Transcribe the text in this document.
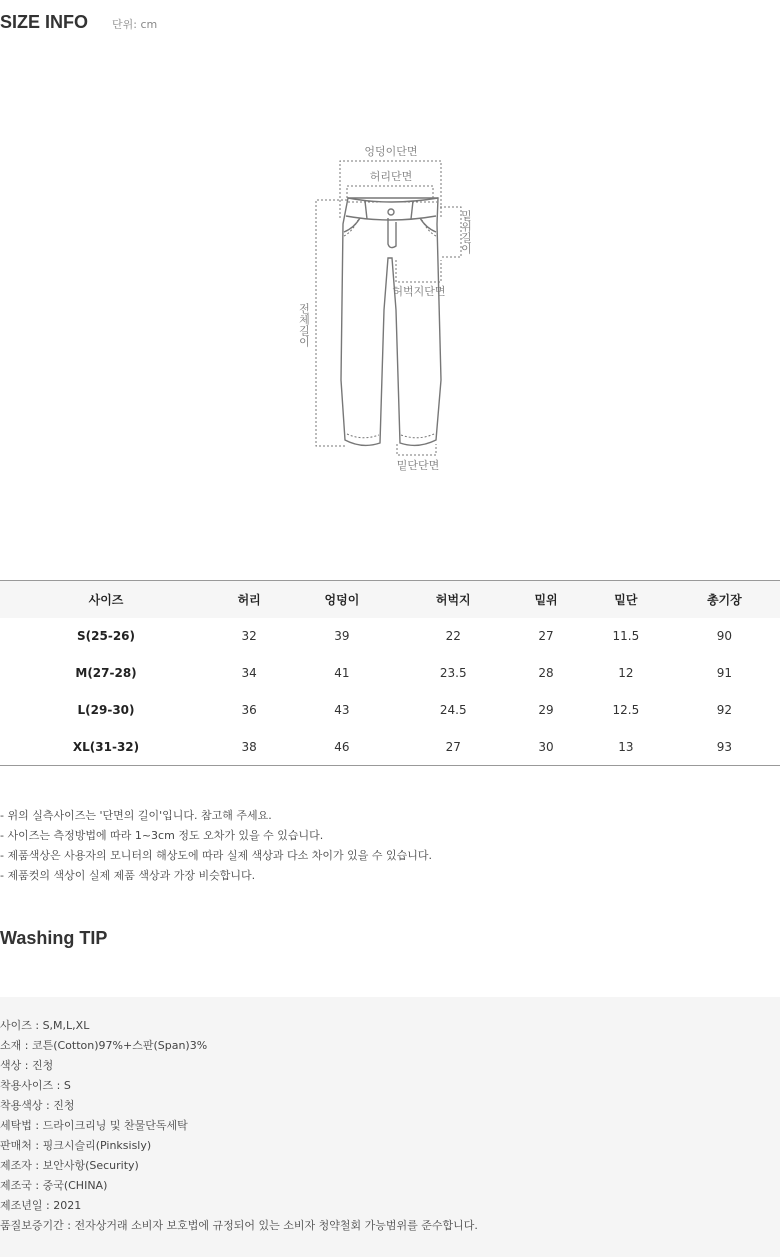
SIZE INFO 단위: cm
엉덩이단면
허리단면
허벅지단면
밑단단면
밑위길이
전체길이
사이즈	허리	엉덩이	허벅지	밑위	밑단	총기장
S(25-26)	32	39	22	27	11.5	90
M(27-28)	34	41	23.5	28	12	91
L(29-30)	36	43	24.5	29	12.5	92
XL(31-32)	38	46	27	30	13	93
- 위의 실측사이즈는 '단면의 길이'입니다. 참고해 주세요.
- 사이즈는 측정방법에 따라 1~3cm 정도 오차가 있을 수 있습니다.
- 제품색상은 사용자의 모니터의 해상도에 따라 실제 색상과 다소 차이가 있을 수 있습니다.
- 제품컷의 색상이 실제 제품 색상과 가장 비슷합니다.
Washing TIP
사이즈 : S,M,L,XL
소재 : 코튼(Cotton)97%+스판(Span)3%
색상 : 진청
착용사이즈 : S
착용색상 : 진청
세탁법 : 드라이크리닝 및 찬물단독세탁
판매처 : 핑크시슬리(Pinksisly)
제조자 : 보안사항(Security)
제조국 : 중국(CHINA)
제조년일 : 2021
품질보증기간 : 전자상거래 소비자 보호법에 규정되어 있는 소비자 청약철회 가능범위를 준수합니다.
